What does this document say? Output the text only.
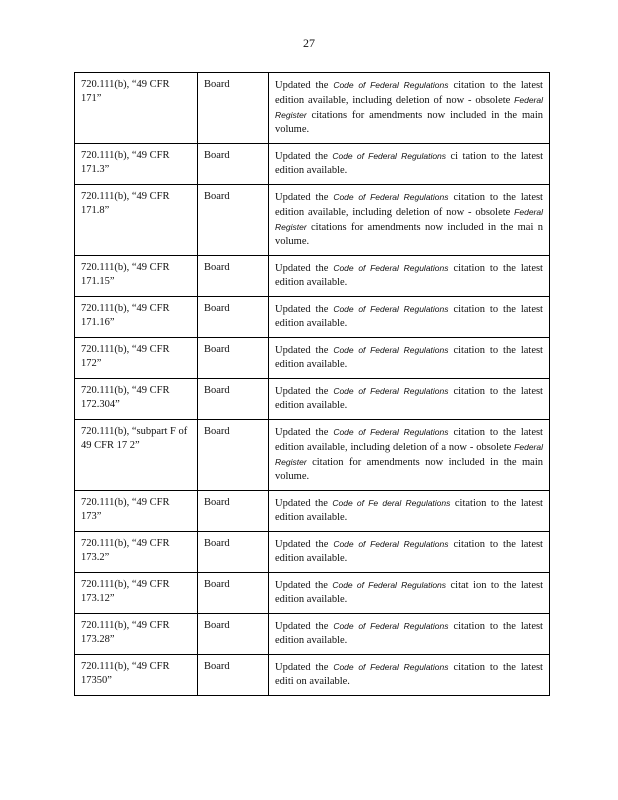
27
720.111(b), “49 CFR 171”	Board	Updated the Code of Federal Regulations citation to the latest edition available, including deletion of now - obsolete Federal Register citations for amendments now included in the main volume.
720.111(b), “49 CFR 171.3”	Board	Updated the Code of Federal Regulations ci tation to the latest edition available.
720.111(b), “49 CFR 171.8”	Board	Updated the Code of Federal Regulations citation to the latest edition available, including deletion of now - obsolete Federal Register citations for amendments now included in the mai n volume.
720.111(b), “49 CFR 171.15”	Board	Updated the Code of Federal Regulations citation to the latest edition available.
720.111(b), “49 CFR 171.16”	Board	Updated the Code of Federal Regulations citation to the latest edition available.
720.111(b), “49 CFR 172”	Board	Updated the Code of Federal Regulations citation to the latest edition available.
720.111(b), “49 CFR 172.304”	Board	Updated the Code of Federal Regulations citation to the latest edition available.
720.111(b), “subpart F of 49 CFR 17 2”	Board	Updated the Code of Federal Regulations citation to the latest edition available, including deletion of a now - obsolete Federal Register citation for amendments now included in the main volume.
720.111(b), “49 CFR 173”	Board	Updated the Code of Fe deral Regulations citation to the latest edition available.
720.111(b), “49 CFR 173.2”	Board	Updated the Code of Federal Regulations citation to the latest edition available.
720.111(b), “49 CFR 173.12”	Board	Updated the Code of Federal Regulations citat ion to the latest edition available.
720.111(b), “49 CFR 173.28”	Board	Updated the Code of Federal Regulations citation to the latest edition available.
720.111(b), “49 CFR 17350”	Board	Updated the Code of Federal Regulations citation to the latest editi on available.
